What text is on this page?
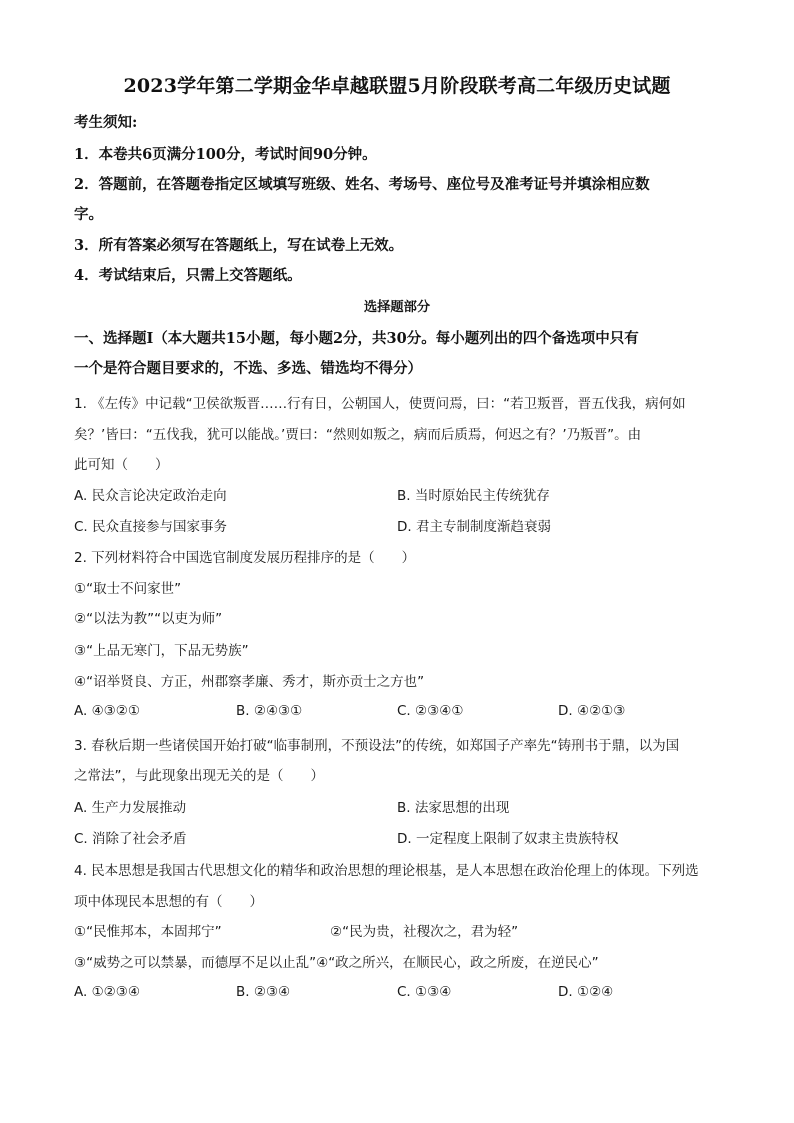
2023学年第二学期金华卓越联盟5月阶段联考高二年级历史试题
考生须知:
1．本卷共6页满分100分，考试时间90分钟。
2．答题前，在答题卷指定区域填写班级、姓名、考场号、座位号及准考证号并填涂相应数
字。
3．所有答案必须写在答题纸上，写在试卷上无效。
4．考试结束后，只需上交答题纸。
选择题部分
一、选择题Ⅰ（本大题共15小题，每小题2分，共30分。每小题列出的四个备选项中只有
一个是符合题目要求的，不选、多选、错选均不得分）
1. 《左传》中记载“卫侯欲叛晋……行有日，公朝国人，使贾问焉，曰：“若卫叛晋，晋五伐我，病何如
矣？’皆曰：“五伐我，犹可以能战。’贾曰：“然则如叛之，病而后质焉，何迟之有？’乃叛晋”。由
此可知（　　）
A. 民众言论决定政治走向	B. 当时原始民主传统犹存
C. 民众直接参与国家事务	D. 君主专制制度渐趋衰弱
2. 下列材料符合中国选官制度发展历程排序的是（　　）
①“取士不问家世”
②“以法为教”“以吏为师”
③“上品无寒门，下品无势族”
④“诏举贤良、方正，州郡察孝廉、秀才，斯亦贡士之方也”
A. ④③②①	B. ②④③①	C. ②③④①	D. ④②①③
3. 春秋后期一些诸侯国开始打破“临事制刑，不预设法”的传统，如郑国子产率先“铸刑书于鼎，以为国
之常法”，与此现象出现无关的是（　　）
A. 生产力发展推动	B. 法家思想的出现
C. 消除了社会矛盾	D. 一定程度上限制了奴隶主贵族特权
4. 民本思想是我国古代思想文化的精华和政治思想的理论根基，是人本思想在政治伦理上的体现。下列选
项中体现民本思想的有（　　）
①“民惟邦本，本固邦宁”	②“民为贵，社稷次之，君为轻”
③“威势之可以禁暴，而德厚不足以止乱”④“政之所兴，在顺民心，政之所废，在逆民心”
A. ①②③④	B. ②③④	C. ①③④	D. ①②④
